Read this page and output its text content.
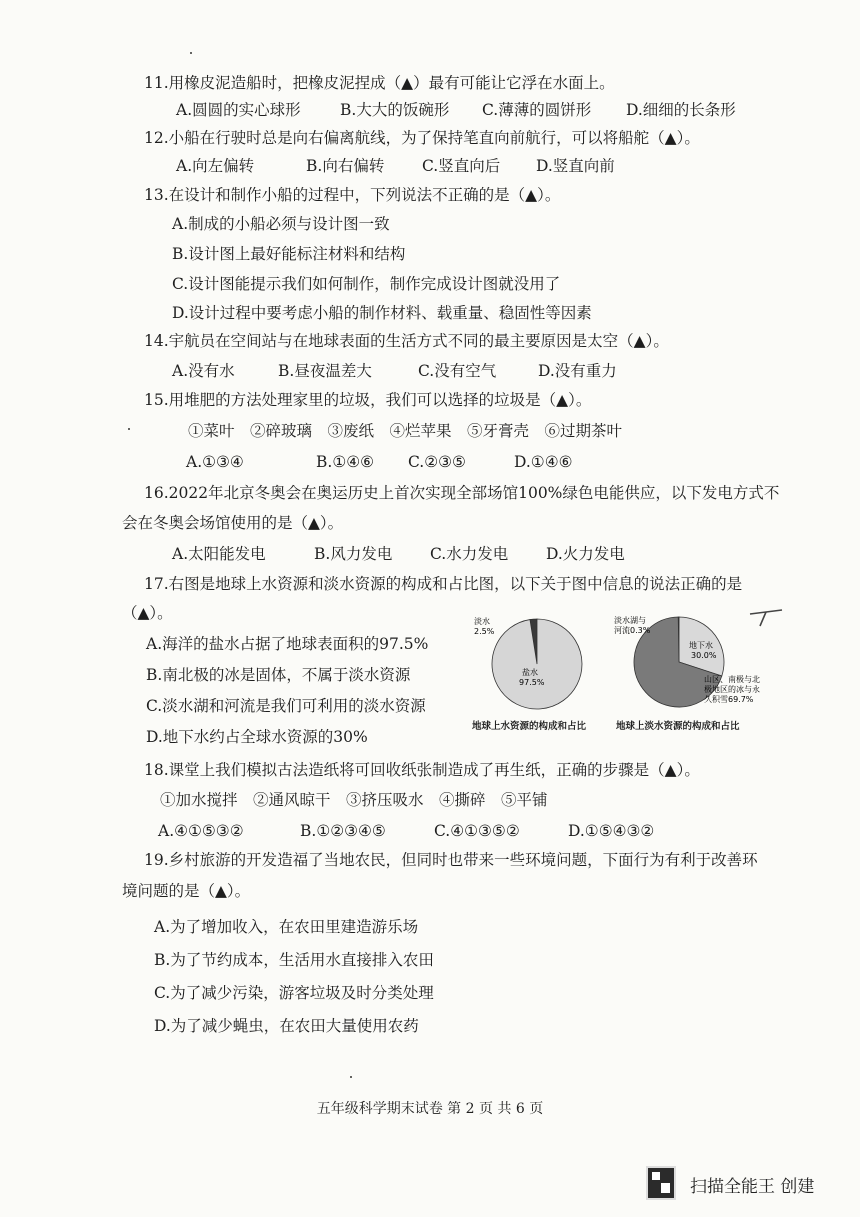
11.用橡皮泥造船时，把橡皮泥捏成（▲）最有可能让它浮在水面上。
A.圆圆的实心球形	B.大大的饭碗形 C.薄薄的圆饼形 D.细细的长条形
12.小船在行驶时总是向右偏离航线，为了保持笔直向前航行，可以将船舵（▲）。
A.向左偏转	B.向右偏转 C.竖直向后 D.竖直向前
13.在设计和制作小船的过程中，下列说法不正确的是（▲）。
A.制成的小船必须与设计图一致
B.设计图上最好能标注材料和结构
C.设计图能提示我们如何制作，制作完成设计图就没用了
D.设计过程中要考虑小船的制作材料、载重量、稳固性等因素
14.宇航员在空间站与在地球表面的生活方式不同的最主要原因是太空（▲）。
A.没有水	B.昼夜温差大	C.没有空气	D.没有重力
15.用堆肥的方法处理家里的垃圾，我们可以选择的垃圾是（▲）。
①菜叶　②碎玻璃　③废纸　④烂苹果　⑤牙膏壳　⑥过期茶叶
A.①③④	B.①④⑥ C.②③⑤	D.①④⑥
16.2022年北京冬奥会在奥运历史上首次实现全部场馆100%绿色电能供应，以下发电方式不
会在冬奥会场馆使用的是（▲）。
A.太阳能发电	B.风力发电 C.水力发电 D.火力发电
17.右图是地球上水资源和淡水资源的构成和占比图，以下关于图中信息的说法正确的是
（▲）。
A.海洋的盐水占据了地球表面积的97.5%
B.南北极的冰是固体，不属于淡水资源
C.淡水湖和河流是我们可利用的淡水资源
D.地下水约占全球水资源的30%
淡水
2.5%
盐水
97.5%
地球上水资源的构成和占比
淡水湖与
河流0.3%
地下水
30.0%
山区、南极与北
极地区的冰与永
久积雪69.7%
地球上淡水资源的构成和占比
18.课堂上我们模拟古法造纸将可回收纸张制造成了再生纸，正确的步骤是（▲）。
①加水搅拌　②通风晾干　③挤压吸水　④撕碎　⑤平铺
A.④①⑤③②	B.①②③④⑤	C.④①③⑤②	D.①⑤④③②
19.乡村旅游的开发造福了当地农民，但同时也带来一些环境问题，下面行为有利于改善环
境问题的是（▲）。
A.为了增加收入，在农田里建造游乐场
B.为了节约成本，生活用水直接排入农田
C.为了减少污染，游客垃圾及时分类处理
D.为了减少蝇虫，在农田大量使用农药
五年级科学期末试卷 第 2 页 共 6 页
扫描全能王 创建
